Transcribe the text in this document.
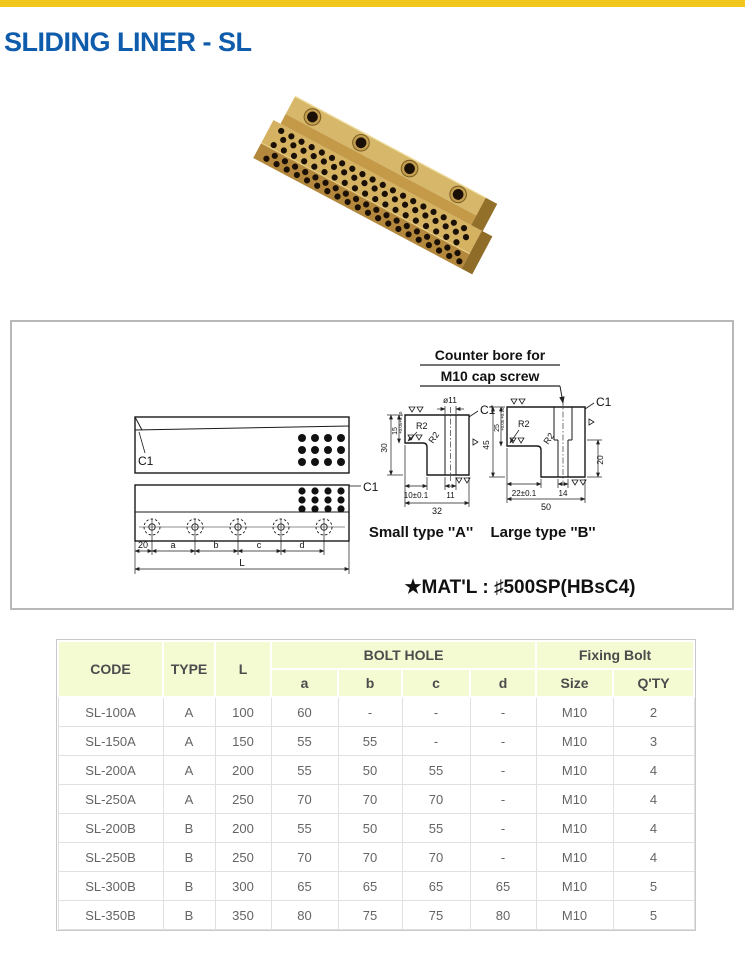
SLIDING LINER - SL
Counter bore for
M10 cap screw
C1
C1
20 a	b	c	d
L
ø11
C1
R2
R2
30
15
+0.10
+0.05
10±0.1 11
32
C1
R2
R2
45
25
+0.10
+0.05
20
22±0.1	14
50
Small type ''A'' Large type ''B''
★MAT'L : ♯500SP(HBsC4)
CODE	TYPE	L	BOLT HOLE				Fixing Bolt	
			a	b	c	d	Size	Q'TY
SL-100A	A	100	60	-	-	-	M10	2
SL-150A	A	150	55	55	-	-	M10	3
SL-200A	A	200	55	50	55	-	M10	4
SL-250A	A	250	70	70	70	-	M10	4
SL-200B	B	200	55	50	55	-	M10	4
SL-250B	B	250	70	70	70	-	M10	4
SL-300B	B	300	65	65	65	65	M10	5
SL-350B	B	350	80	75	75	80	M10	5
